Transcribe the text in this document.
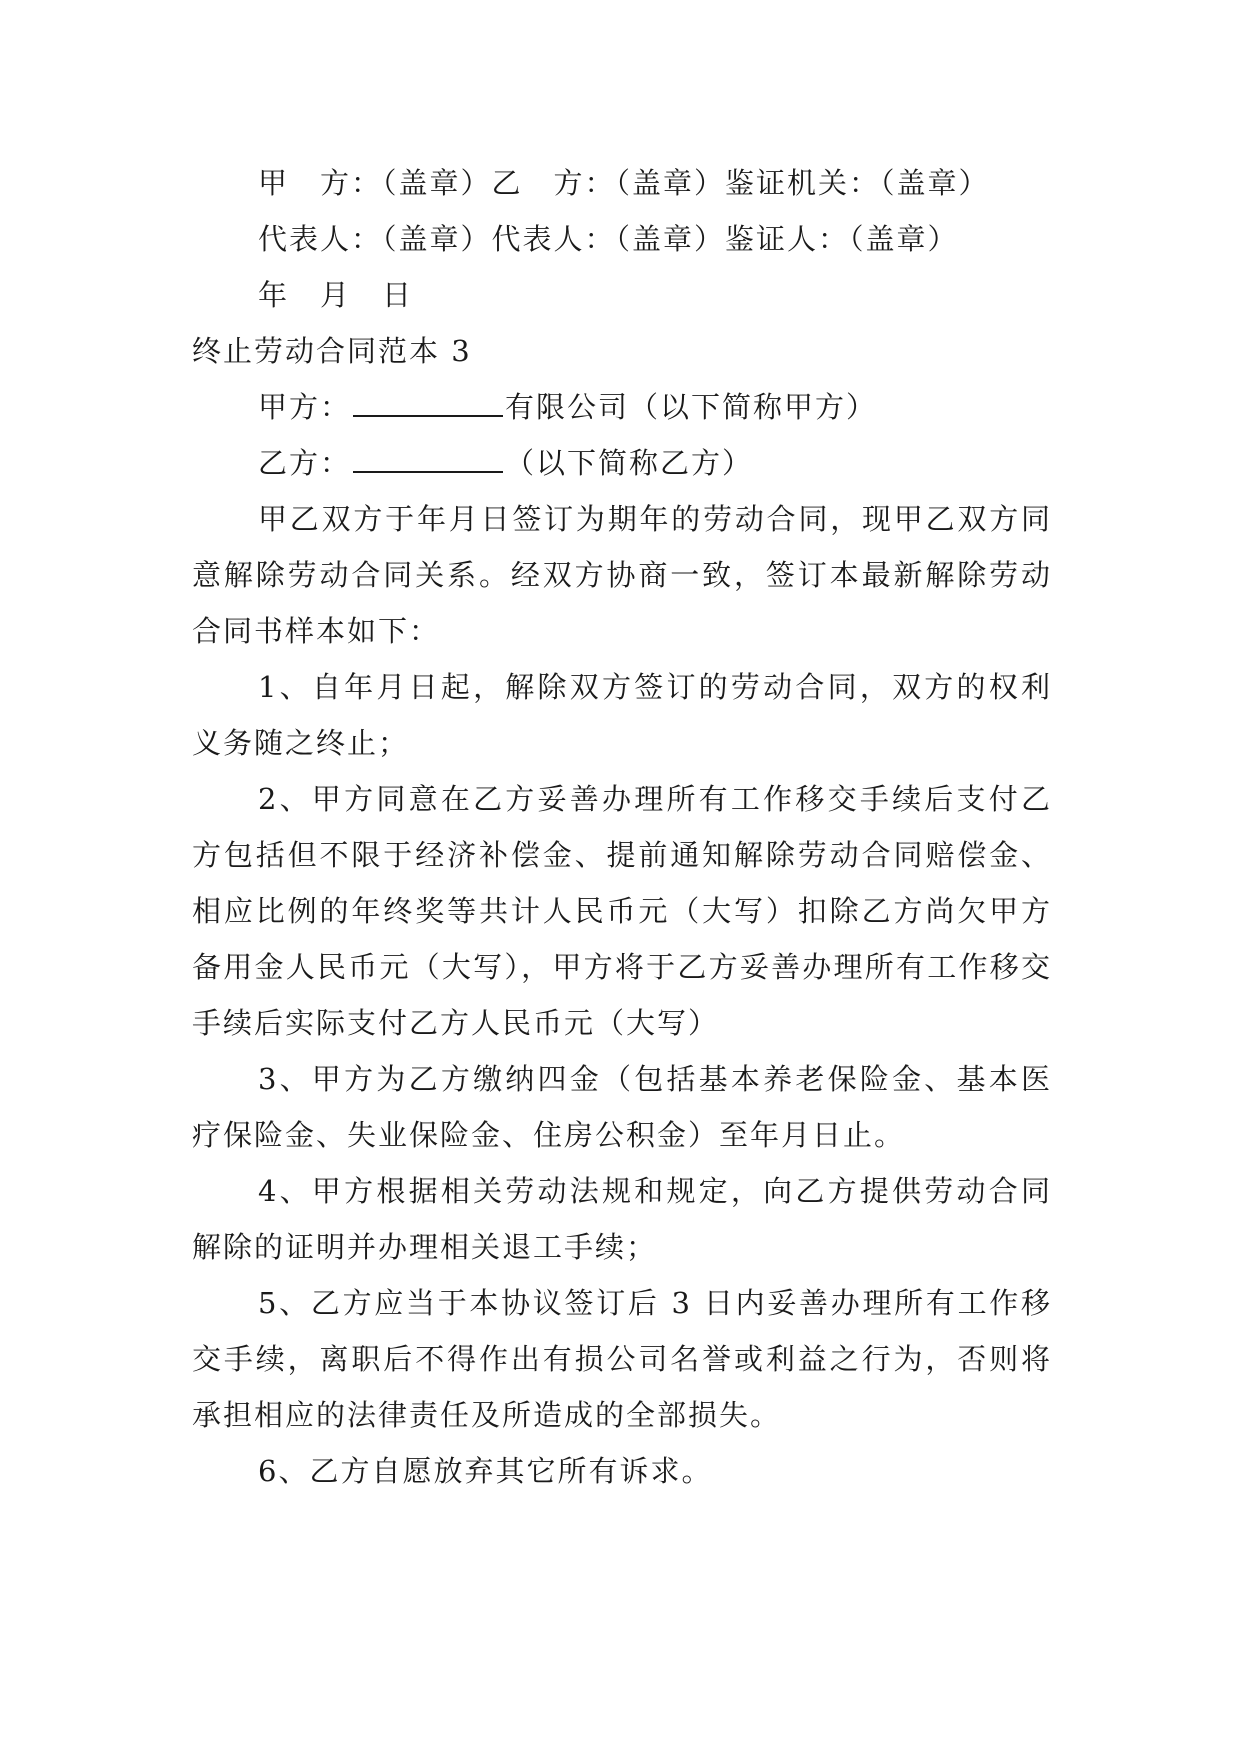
甲　方：（盖章）乙　方：（盖章）鉴证机关：（盖章）

代表人：（盖章）代表人：（盖章）鉴证人：（盖章）

年　月　日

终止劳动合同范本 3

甲方：	有限公司（以下简称甲方）

乙方：	（以下简称乙方）

甲乙双方于年月日签订为期年的劳动合同，现甲乙双方同意解除劳动合同关系。经双方协商一致，签订本最新解除劳动合同书样本如下：

1、自年月日起，解除双方签订的劳动合同，双方的权利义务随之终止；

2、甲方同意在乙方妥善办理所有工作移交手续后支付乙方包括但不限于经济补偿金、提前通知解除劳动合同赔偿金、相应比例的年终奖等共计人民币元（大写）扣除乙方尚欠甲方备用金人民币元（大写），甲方将于乙方妥善办理所有工作移交手续后实际支付乙方人民币元（大写）

3、甲方为乙方缴纳四金（包括基本养老保险金、基本医疗保险金、失业保险金、住房公积金）至年月日止。

4、甲方根据相关劳动法规和规定，向乙方提供劳动合同解除的证明并办理相关退工手续；

5、乙方应当于本协议签订后 3 日内妥善办理所有工作移交手续，离职后不得作出有损公司名誉或利益之行为，否则将承担相应的法律责任及所造成的全部损失。

6、乙方自愿放弃其它所有诉求。
